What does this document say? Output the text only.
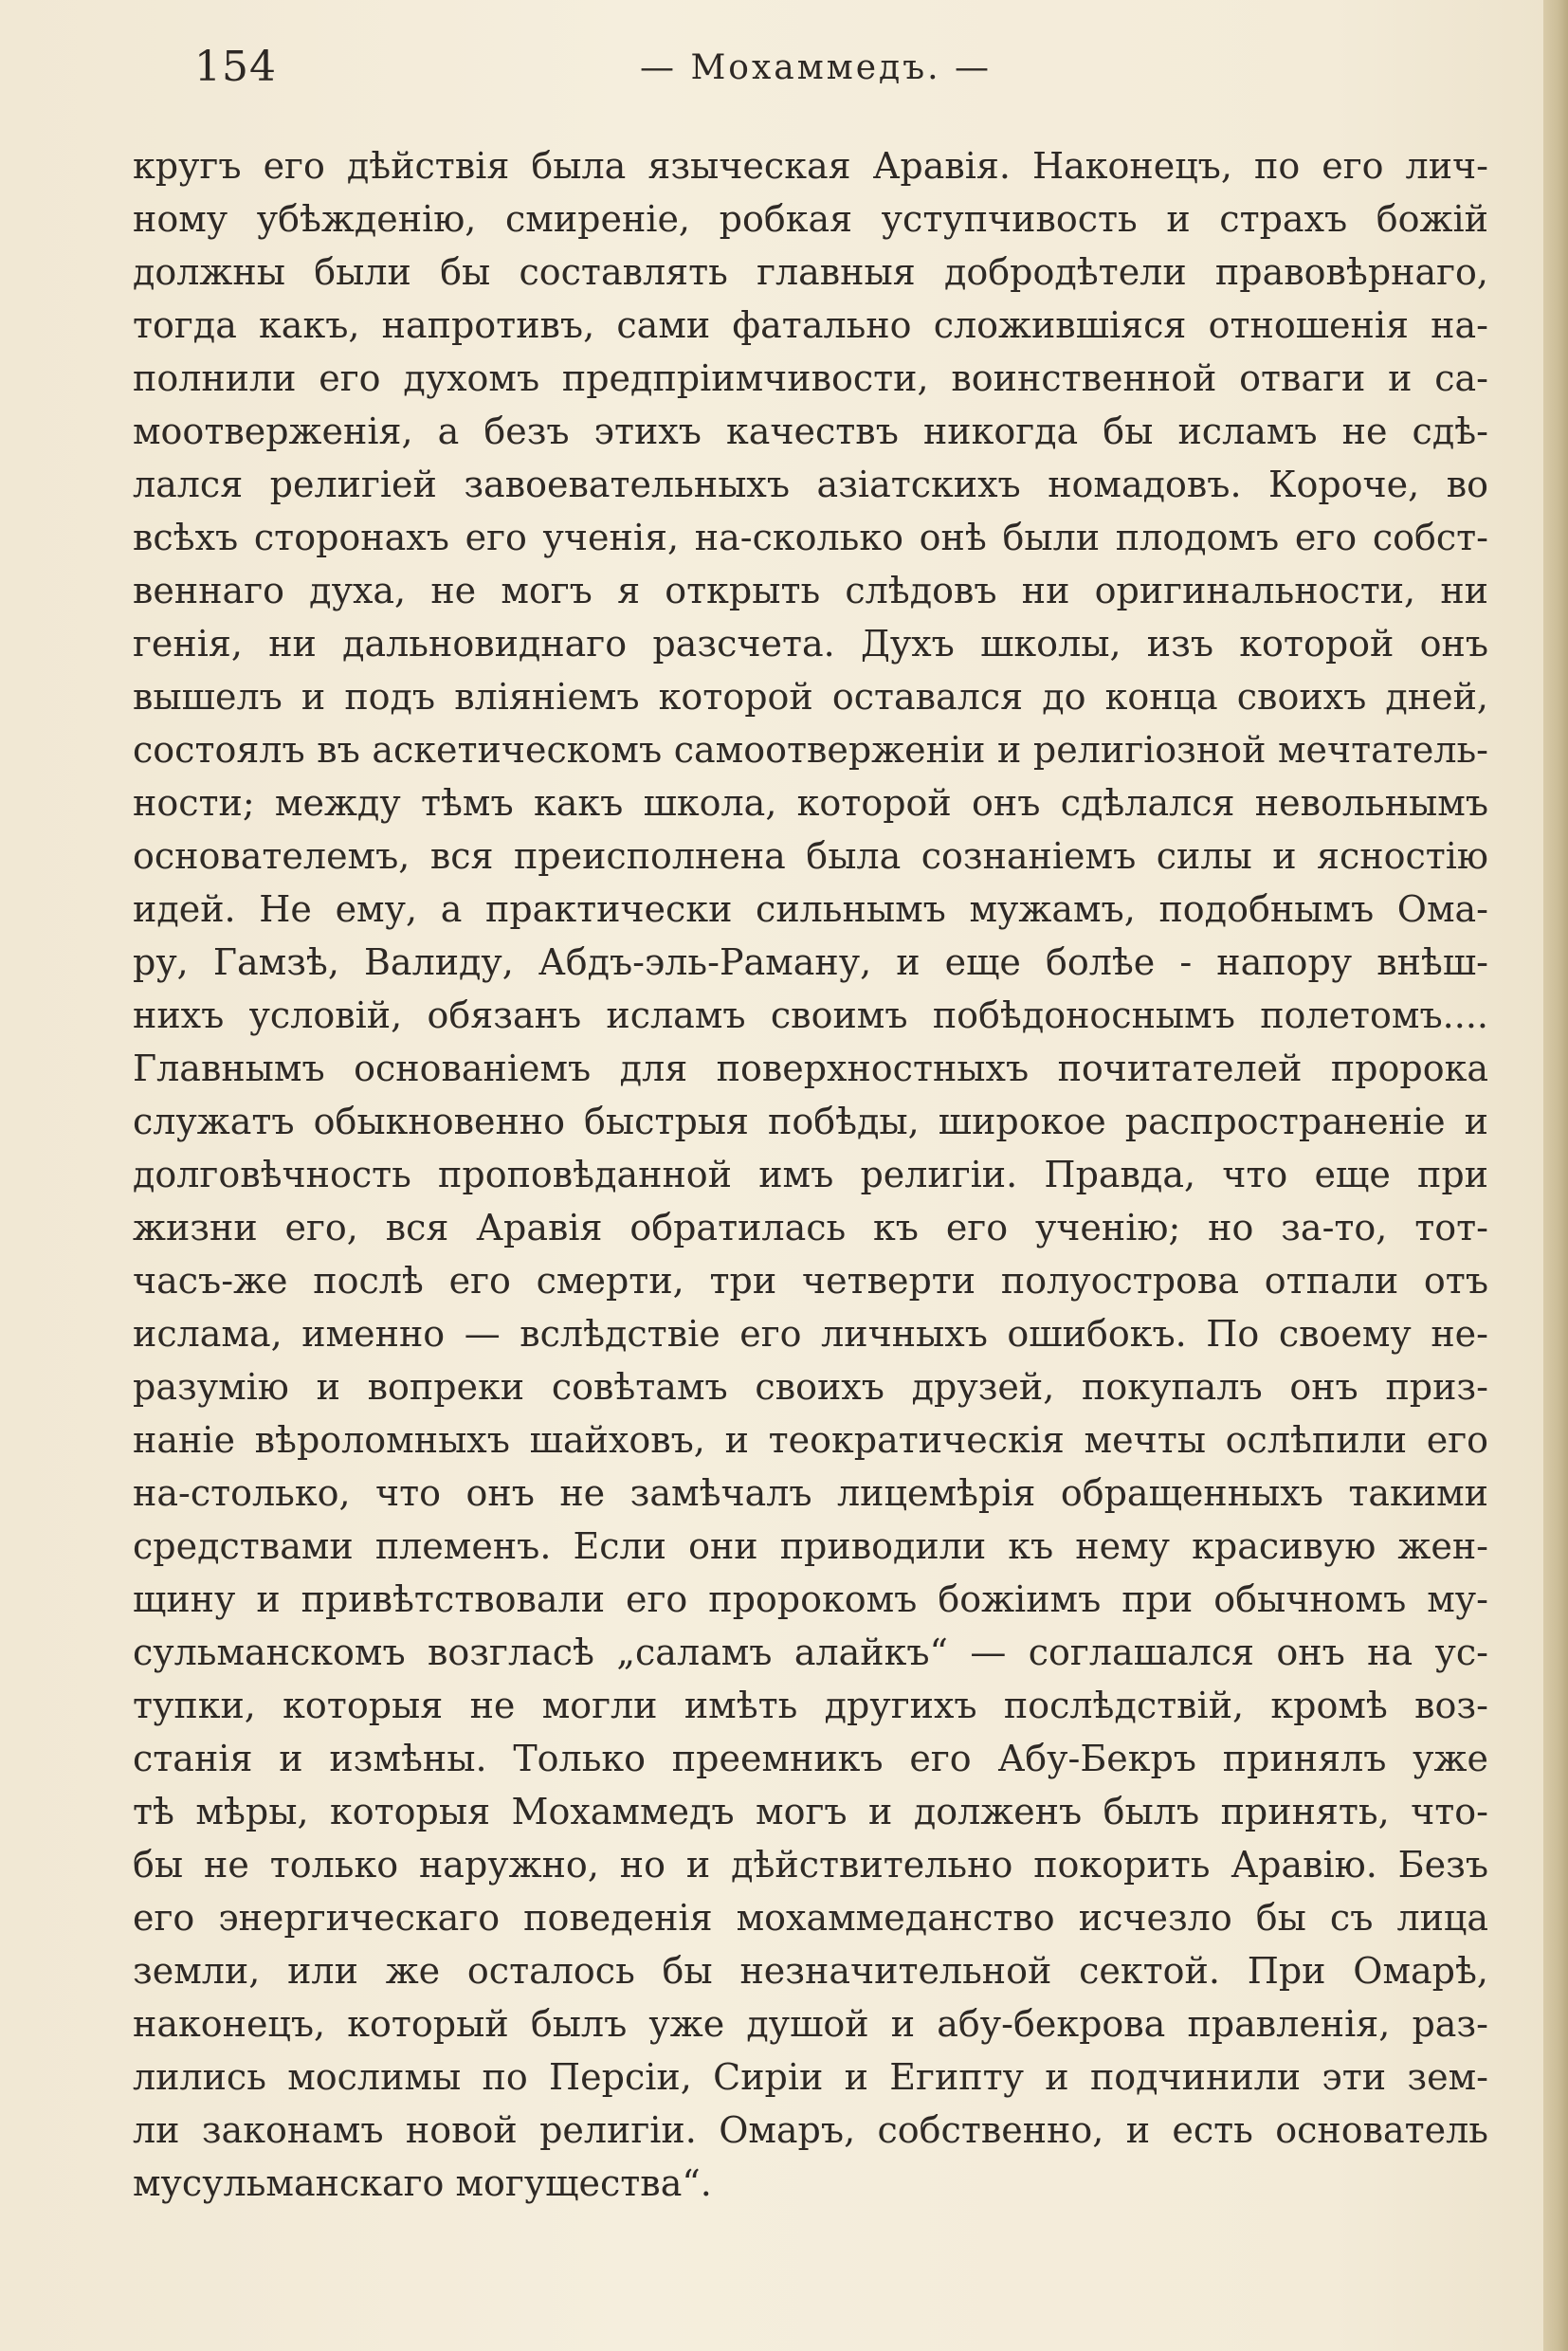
154	— Мохаммедъ. —
кругъ его дѣйствія была языческая Аравія. Наконецъ, по его лич-
ному убѣжденію, смиреніе, робкая уступчивость и страхъ божій
должны были бы составлять главныя добродѣтели правовѣрнаго,
тогда какъ, напротивъ, сами фатально сложившіяся отношенія на-
полнили его духомъ предпріимчивости, воинственной отваги и са-
моотверженія, а безъ этихъ качествъ никогда бы исламъ не сдѣ-
лался религіей завоевательныхъ азіатскихъ номадовъ. Короче, во
всѣхъ сторонахъ его ученія, на-сколько онѣ были плодомъ его собст-
веннаго духа, не могъ я открыть слѣдовъ ни оригинальности, ни
генія, ни дальновиднаго разсчета. Духъ школы, изъ которой онъ
вышелъ и подъ вліяніемъ которой оставался до конца своихъ дней,
состоялъ въ аскетическомъ самоотверженіи и религіозной мечтатель-
ности; между тѣмъ какъ школа, которой онъ сдѣлался невольнымъ
основателемъ, вся преисполнена была сознаніемъ силы и ясностію
идей. Не ему, а практически сильнымъ мужамъ, подобнымъ Ома-
ру, Гамзѣ, Валиду, Абдъ-эль-Раману, и еще болѣе - напору внѣш-
нихъ условій, обязанъ исламъ своимъ побѣдоноснымъ полетомъ....
Главнымъ основаніемъ для поверхностныхъ почитателей пророка
служатъ обыкновенно быстрыя побѣды, широкое распространеніе и
долговѣчность проповѣданной имъ религіи. Правда, что еще при
жизни его, вся Аравія обратилась къ его ученію; но за-то, тот-
часъ-же послѣ его смерти, три четверти полуострова отпали отъ
ислама, именно — вслѣдствіе его личныхъ ошибокъ. По своему не-
разумію и вопреки совѣтамъ своихъ друзей, покупалъ онъ приз-
наніе вѣроломныхъ шайховъ, и теократическія мечты ослѣпили его
на-столько, что онъ не замѣчалъ лицемѣрія обращенныхъ такими
средствами племенъ. Если они приводили къ нему красивую жен-
щину и привѣтствовали его пророкомъ божіимъ при обычномъ му-
сульманскомъ возгласѣ „саламъ алайкъ“ — соглашался онъ на ус-
тупки, которыя не могли имѣть другихъ послѣдствій, кромѣ воз-
станія и измѣны. Только преемникъ его Абу-Бекръ принялъ уже
тѣ мѣры, которыя Мохаммедъ могъ и долженъ былъ принять, что-
бы не только наружно, но и дѣйствительно покорить Аравію. Безъ
его энергическаго поведенія мохаммеданство исчезло бы съ лица
земли, или же осталось бы незначительной сектой. При Омарѣ,
наконецъ, который былъ уже душой и абу-бекрова правленія, раз-
лились мослимы по Персіи, Сиріи и Египту и подчинили эти зем-
ли законамъ новой религіи. Омаръ, собственно, и есть основатель
мусульманскаго могущества“.
